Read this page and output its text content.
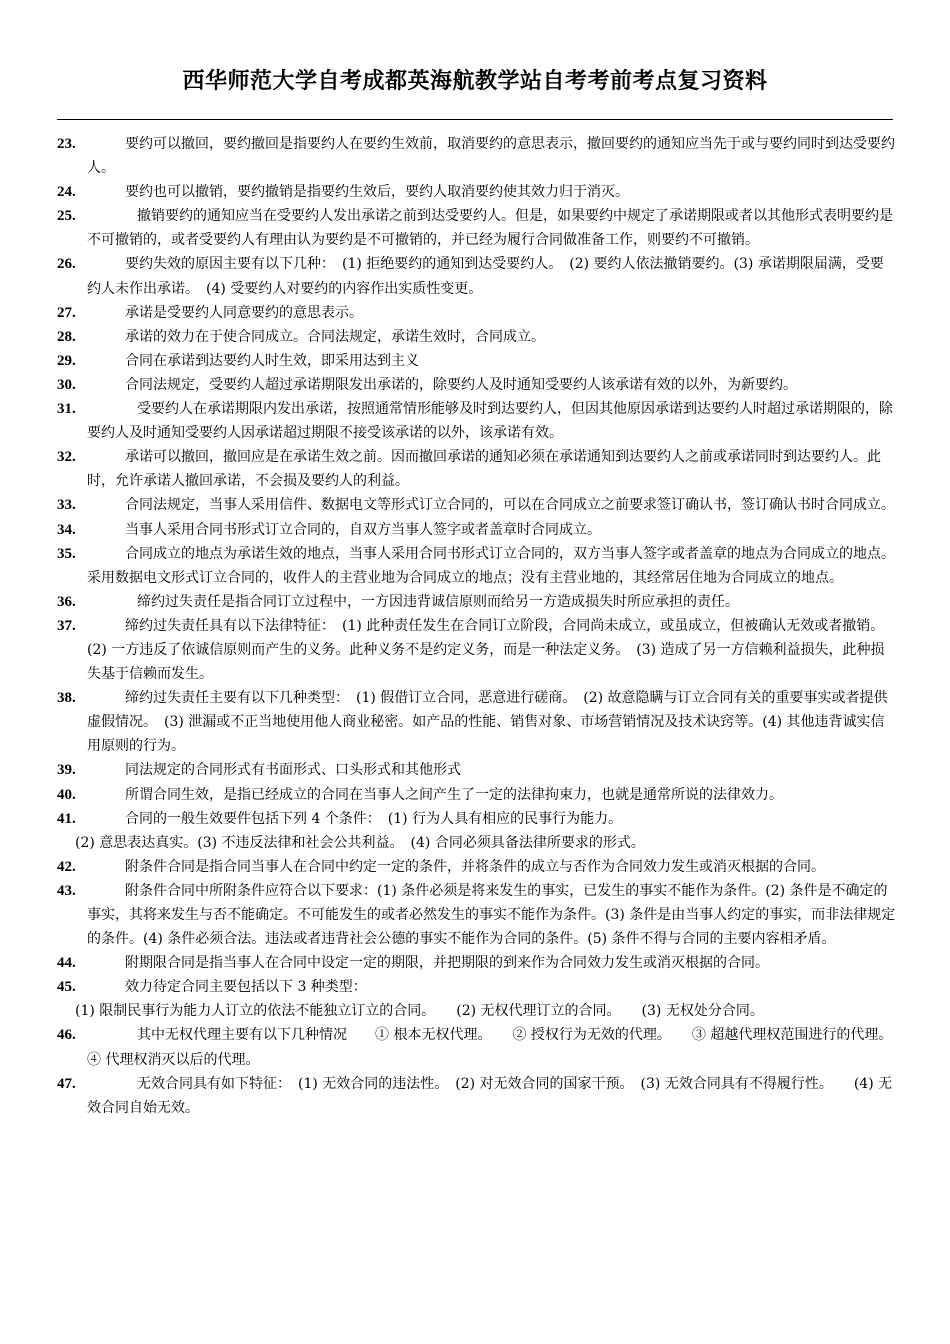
西华师范大学自考成都英海航教学站自考考前考点复习资料
23.	要约可以撤回，要约撤回是指要约人在要约生效前，取消要约的意思表示，撤回要约的通知应当先于或与要约同时到达受要约人。
24.	要约也可以撤销，要约撤销是指要约生效后，要约人取消要约使其效力归于消灭。
25.	撤销要约的通知应当在受要约人发出承诺之前到达受要约人。但是，如果要约中规定了承诺期限或者以其他形式表明要约是不可撤销的，或者受要约人有理由认为要约是不可撤销的，并已经为履行合同做准备工作，则要约不可撤销。
26.	要约失效的原因主要有以下几种：　(1) 拒绝要约的通知到达受要约人。　(2) 要约人依法撤销要约。(3) 承诺期限届满，受要约人未作出承诺。　(4) 受要约人对要约的内容作出实质性变更。
27.	承诺是受要约人同意要约的意思表示。
28.	承诺的效力在于使合同成立。合同法规定，承诺生效时，合同成立。
29.	合同在承诺到达要约人时生效，即采用达到主义
30.	合同法规定，受要约人超过承诺期限发出承诺的，除要约人及时通知受要约人该承诺有效的以外，为新要约。
31.	受要约人在承诺期限内发出承诺，按照通常情形能够及时到达要约人，但因其他原因承诺到达要约人时超过承诺期限的，除要约人及时通知受要约人因承诺超过期限不接受该承诺的以外，该承诺有效。
32.	承诺可以撤回，撤回应是在承诺生效之前。因而撤回承诺的通知必须在承诺通知到达要约人之前或承诺同时到达要约人。此时，允许承诺人撤回承诺，不会损及要约人的利益。
33.	合同法规定，当事人采用信件、数据电文等形式订立合同的，可以在合同成立之前要求签订确认书，签订确认书时合同成立。
34.	当事人采用合同书形式订立合同的，自双方当事人签字或者盖章时合同成立。
35.	合同成立的地点为承诺生效的地点，当事人采用合同书形式订立合同的，双方当事人签字或者盖章的地点为合同成立的地点。采用数据电文形式订立合同的，收件人的主营业地为合同成立的地点；没有主营业地的，其经常居住地为合同成立的地点。
36.	缔约过失责任是指合同订立过程中，一方因违背诚信原则而给另一方造成损失时所应承担的责任。
37.	缔约过失责任具有以下法律特征：　(1) 此种责任发生在合同订立阶段，合同尚未成立，或虽成立，但被确认无效或者撤销。　　(2) 一方违反了依诚信原则而产生的义务。此种义务不是约定义务，而是一种法定义务。　(3) 造成了另一方信赖利益损失，此种损失基于信赖而发生。
38.	缔约过失责任主要有以下几种类型：　(1) 假借订立合同，恶意进行磋商。　(2) 故意隐瞒与订立合同有关的重要事实或者提供虚假情况。　(3) 泄漏或不正当地使用他人商业秘密。如产品的性能、销售对象、市场营销情况及技术诀窍等。(4) 其他违背诚实信用原则的行为。
39.	同法规定的合同形式有书面形式、口头形式和其他形式
40.	所谓合同生效，是指已经成立的合同在当事人之间产生了一定的法律拘束力，也就是通常所说的法律效力。
41.	合同的一般生效要件包括下列 4 个条件：　(1) 行为人具有相应的民事行为能力。
(2) 意思表达真实。(3) 不违反法律和社会公共利益。　(4) 合同必须具备法律所要求的形式。
42.	附条件合同是指合同当事人在合同中约定一定的条件，并将条件的成立与否作为合同效力发生或消灭根据的合同。
43.	附条件合同中所附条件应符合以下要求：(1) 条件必须是将来发生的事实，已发生的事实不能作为条件。(2) 条件是不确定的事实，其将来发生与否不能确定。不可能发生的或者必然发生的事实不能作为条件。(3) 条件是由当事人约定的事实，而非法律规定的条件。(4) 条件必须合法。违法或者违背社会公德的事实不能作为合同的条件。(5) 条件不得与合同的主要内容相矛盾。
44.	附期限合同是指当事人在合同中设定一定的期限，并把期限的到来作为合同效力发生或消灭根据的合同。
45.	效力待定合同主要包括以下 3 种类型：
(1) 限制民事行为能力人订立的依法不能独立订立的合同。　　(2) 无权代理订立的合同。　　(3) 无权处分合同。
46.	其中无权代理主要有以下几种情况　　① 根本无权代理。　　② 授权行为无效的代理。　　③ 超越代理权范围进行的代理。　　④ 代理权消灭以后的代理。
47.	无效合同具有如下特征：　(1) 无效合同的违法性。　(2) 对无效合同的国家干预。　(3) 无效合同具有不得履行性。　　(4) 无效合同自始无效。
